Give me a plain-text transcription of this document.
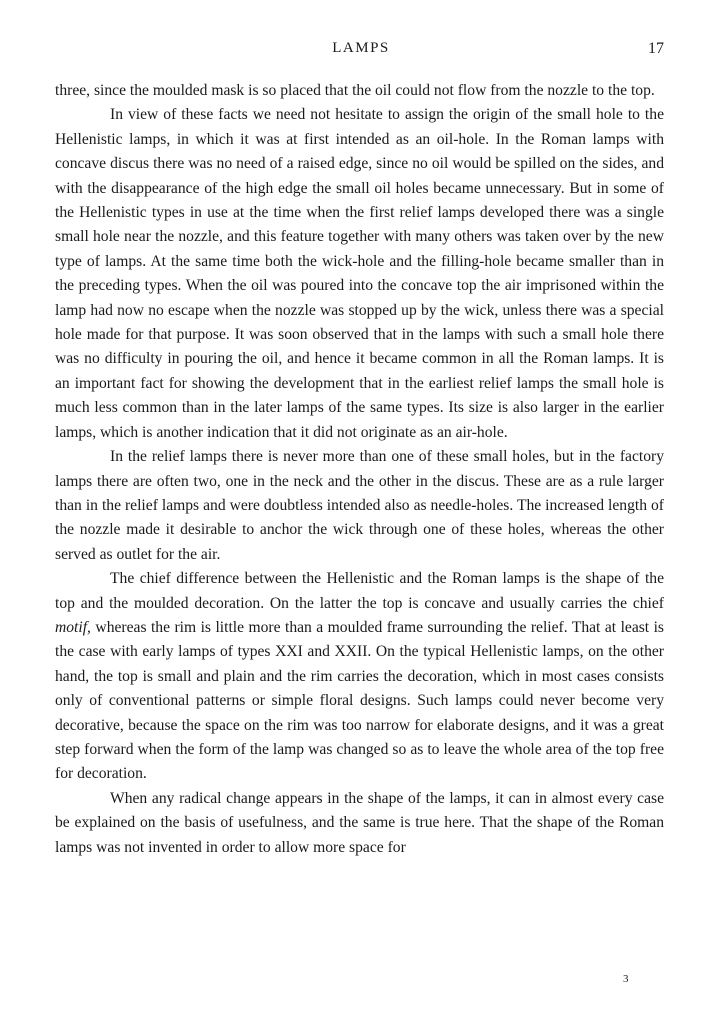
LAMPS	17

three, since the moulded mask is so placed that the oil could not flow from the nozzle to the top.

In view of these facts we need not hesitate to assign the origin of the small hole to the Hellenistic lamps, in which it was at first intended as an oil-hole. In the Roman lamps with concave discus there was no need of a raised edge, since no oil would be spilled on the sides, and with the disappearance of the high edge the small oil holes became unnecessary. But in some of the Hellenistic types in use at the time when the first relief lamps developed there was a single small hole near the nozzle, and this feature together with many others was taken over by the new type of lamps. At the same time both the wick-hole and the filling-hole became smaller than in the preceding types. When the oil was poured into the concave top the air imprisoned within the lamp had now no escape when the nozzle was stopped up by the wick, unless there was a special hole made for that purpose. It was soon observed that in the lamps with such a small hole there was no difficulty in pouring the oil, and hence it became common in all the Roman lamps. It is an important fact for showing the development that in the earliest relief lamps the small hole is much less common than in the later lamps of the same types. Its size is also larger in the earlier lamps, which is another indication that it did not originate as an air-hole.

In the relief lamps there is never more than one of these small holes, but in the factory lamps there are often two, one in the neck and the other in the discus. These are as a rule larger than in the relief lamps and were doubtless intended also as needle-holes. The increased length of the nozzle made it desirable to anchor the wick through one of these holes, whereas the other served as outlet for the air.

The chief difference between the Hellenistic and the Roman lamps is the shape of the top and the moulded decoration. On the latter the top is concave and usually carries the chief motif, whereas the rim is little more than a moulded frame surrounding the relief. That at least is the case with early lamps of types XXI and XXII. On the typical Hellenistic lamps, on the other hand, the top is small and plain and the rim carries the decoration, which in most cases consists only of conventional patterns or simple floral designs. Such lamps could never become very decorative, because the space on the rim was too narrow for elaborate designs, and it was a great step forward when the form of the lamp was changed so as to leave the whole area of the top free for decoration.

When any radical change appears in the shape of the lamps, it can in almost every case be explained on the basis of usefulness, and the same is true here. That the shape of the Roman lamps was not invented in order to allow more space for

3
